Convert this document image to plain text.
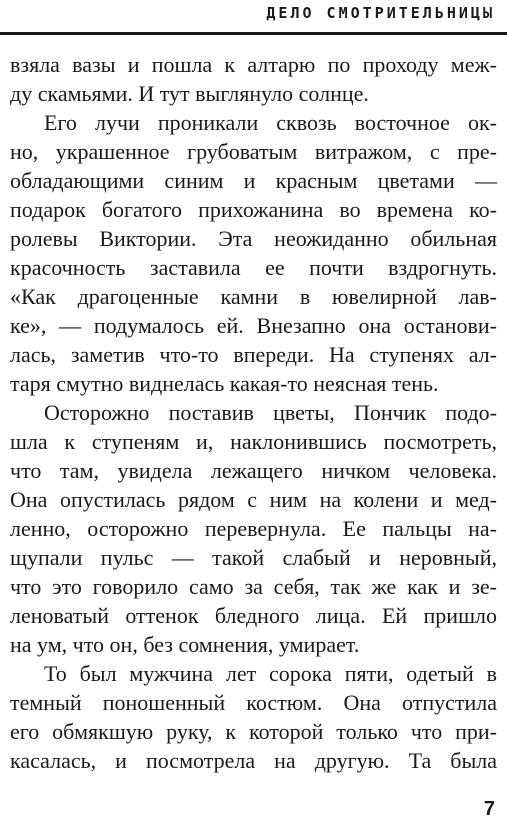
ДЕЛО СМОТРИТЕЛЬНИЦЫ
взяла вазы и пошла к алтарю по проходу меж-
ду скамьями. И тут выглянуло солнце.
Его лучи проникали сквозь восточное ок-
но, украшенное грубоватым витражом, с пре-
обладающими синим и красным цветами —
подарок богатого прихожанина во времена ко-
ролевы Виктории. Эта неожиданно обильная
красочность заставила ее почти вздрогнуть.
«Как драгоценные камни в ювелирной лав-
ке», — подумалось ей. Внезапно она останови-
лась, заметив что-то впереди. На ступенях ал-
таря смутно виднелась какая-то неясная тень.
Осторожно поставив цветы, Пончик подо-
шла к ступеням и, наклонившись посмотреть,
что там, увидела лежащего ничком человека.
Она опустилась рядом с ним на колени и мед-
ленно, осторожно перевернула. Ее пальцы на-
щупали пульс — такой слабый и неровный,
что это говорило само за себя, так же как и зе-
леноватый оттенок бледного лица. Ей пришло
на ум, что он, без сомнения, умирает.
То был мужчина лет сорока пяти, одетый в
темный поношенный костюм. Она отпустила
его обмякшую руку, к которой только что при-
касалась, и посмотрела на другую. Та была
7
